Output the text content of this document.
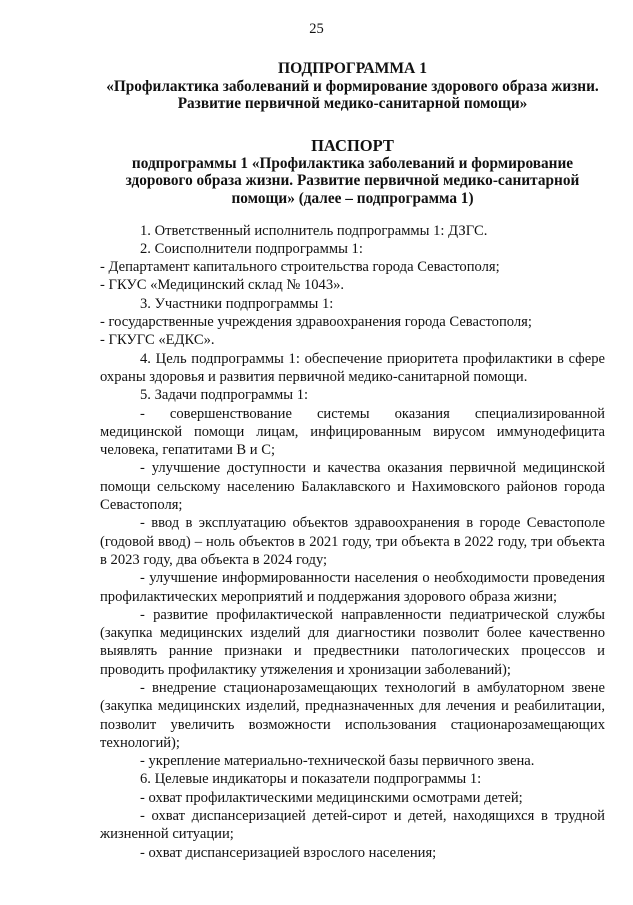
25

ПОДПРОГРАММА 1

«Профилактика заболеваний и формирование здорового образа жизни. Развитие первичной медико-санитарной помощи»

ПАСПОРТ

подпрограммы 1 «Профилактика заболеваний и формирование здорового образа жизни. Развитие первичной медико-санитарной помощи» (далее – подпрограмма 1)

1. Ответственный исполнитель подпрограммы 1: ДЗГС.

2. Соисполнители подпрограммы 1:

- Департамент капитального строительства города Севастополя;

- ГКУС «Медицинский склад № 1043».

3. Участники подпрограммы 1:

- государственные учреждения здравоохранения города Севастополя;

- ГКУГС «ЕДКС».

4. Цель подпрограммы 1: обеспечение приоритета профилактики в сфере охраны здоровья и развития первичной медико-санитарной помощи.

5. Задачи подпрограммы 1:

- совершенствование системы оказания специализированной медицинской помощи лицам, инфицированным вирусом иммунодефицита человека, гепатитами В и С;

- улучшение доступности и качества оказания первичной медицинской помощи сельскому населению Балаклавского и Нахимовского районов города Севастополя;

- ввод в эксплуатацию объектов здравоохранения в городе Севастополе (годовой ввод) – ноль объектов в 2021 году, три объекта в 2022 году, три объекта в 2023 году, два объекта в 2024 году;

- улучшение информированности населения о необходимости проведения профилактических мероприятий и поддержания здорового образа жизни;

- развитие профилактической направленности педиатрической службы (закупка медицинских изделий для диагностики позволит более качественно выявлять ранние признаки и предвестники патологических процессов и проводить профилактику утяжеления и хронизации заболеваний);

- внедрение стационарозамещающих технологий в амбулаторном звене (закупка медицинских изделий, предназначенных для лечения и реабилитации, позволит увеличить возможности использования стационарозамещающих технологий);

- укрепление материально-технической базы первичного звена.

6. Целевые индикаторы и показатели подпрограммы 1:

- охват профилактическими медицинскими осмотрами детей;

- охват диспансеризацией детей-сирот и детей, находящихся в трудной жизненной ситуации;

- охват диспансеризацией взрослого населения;
